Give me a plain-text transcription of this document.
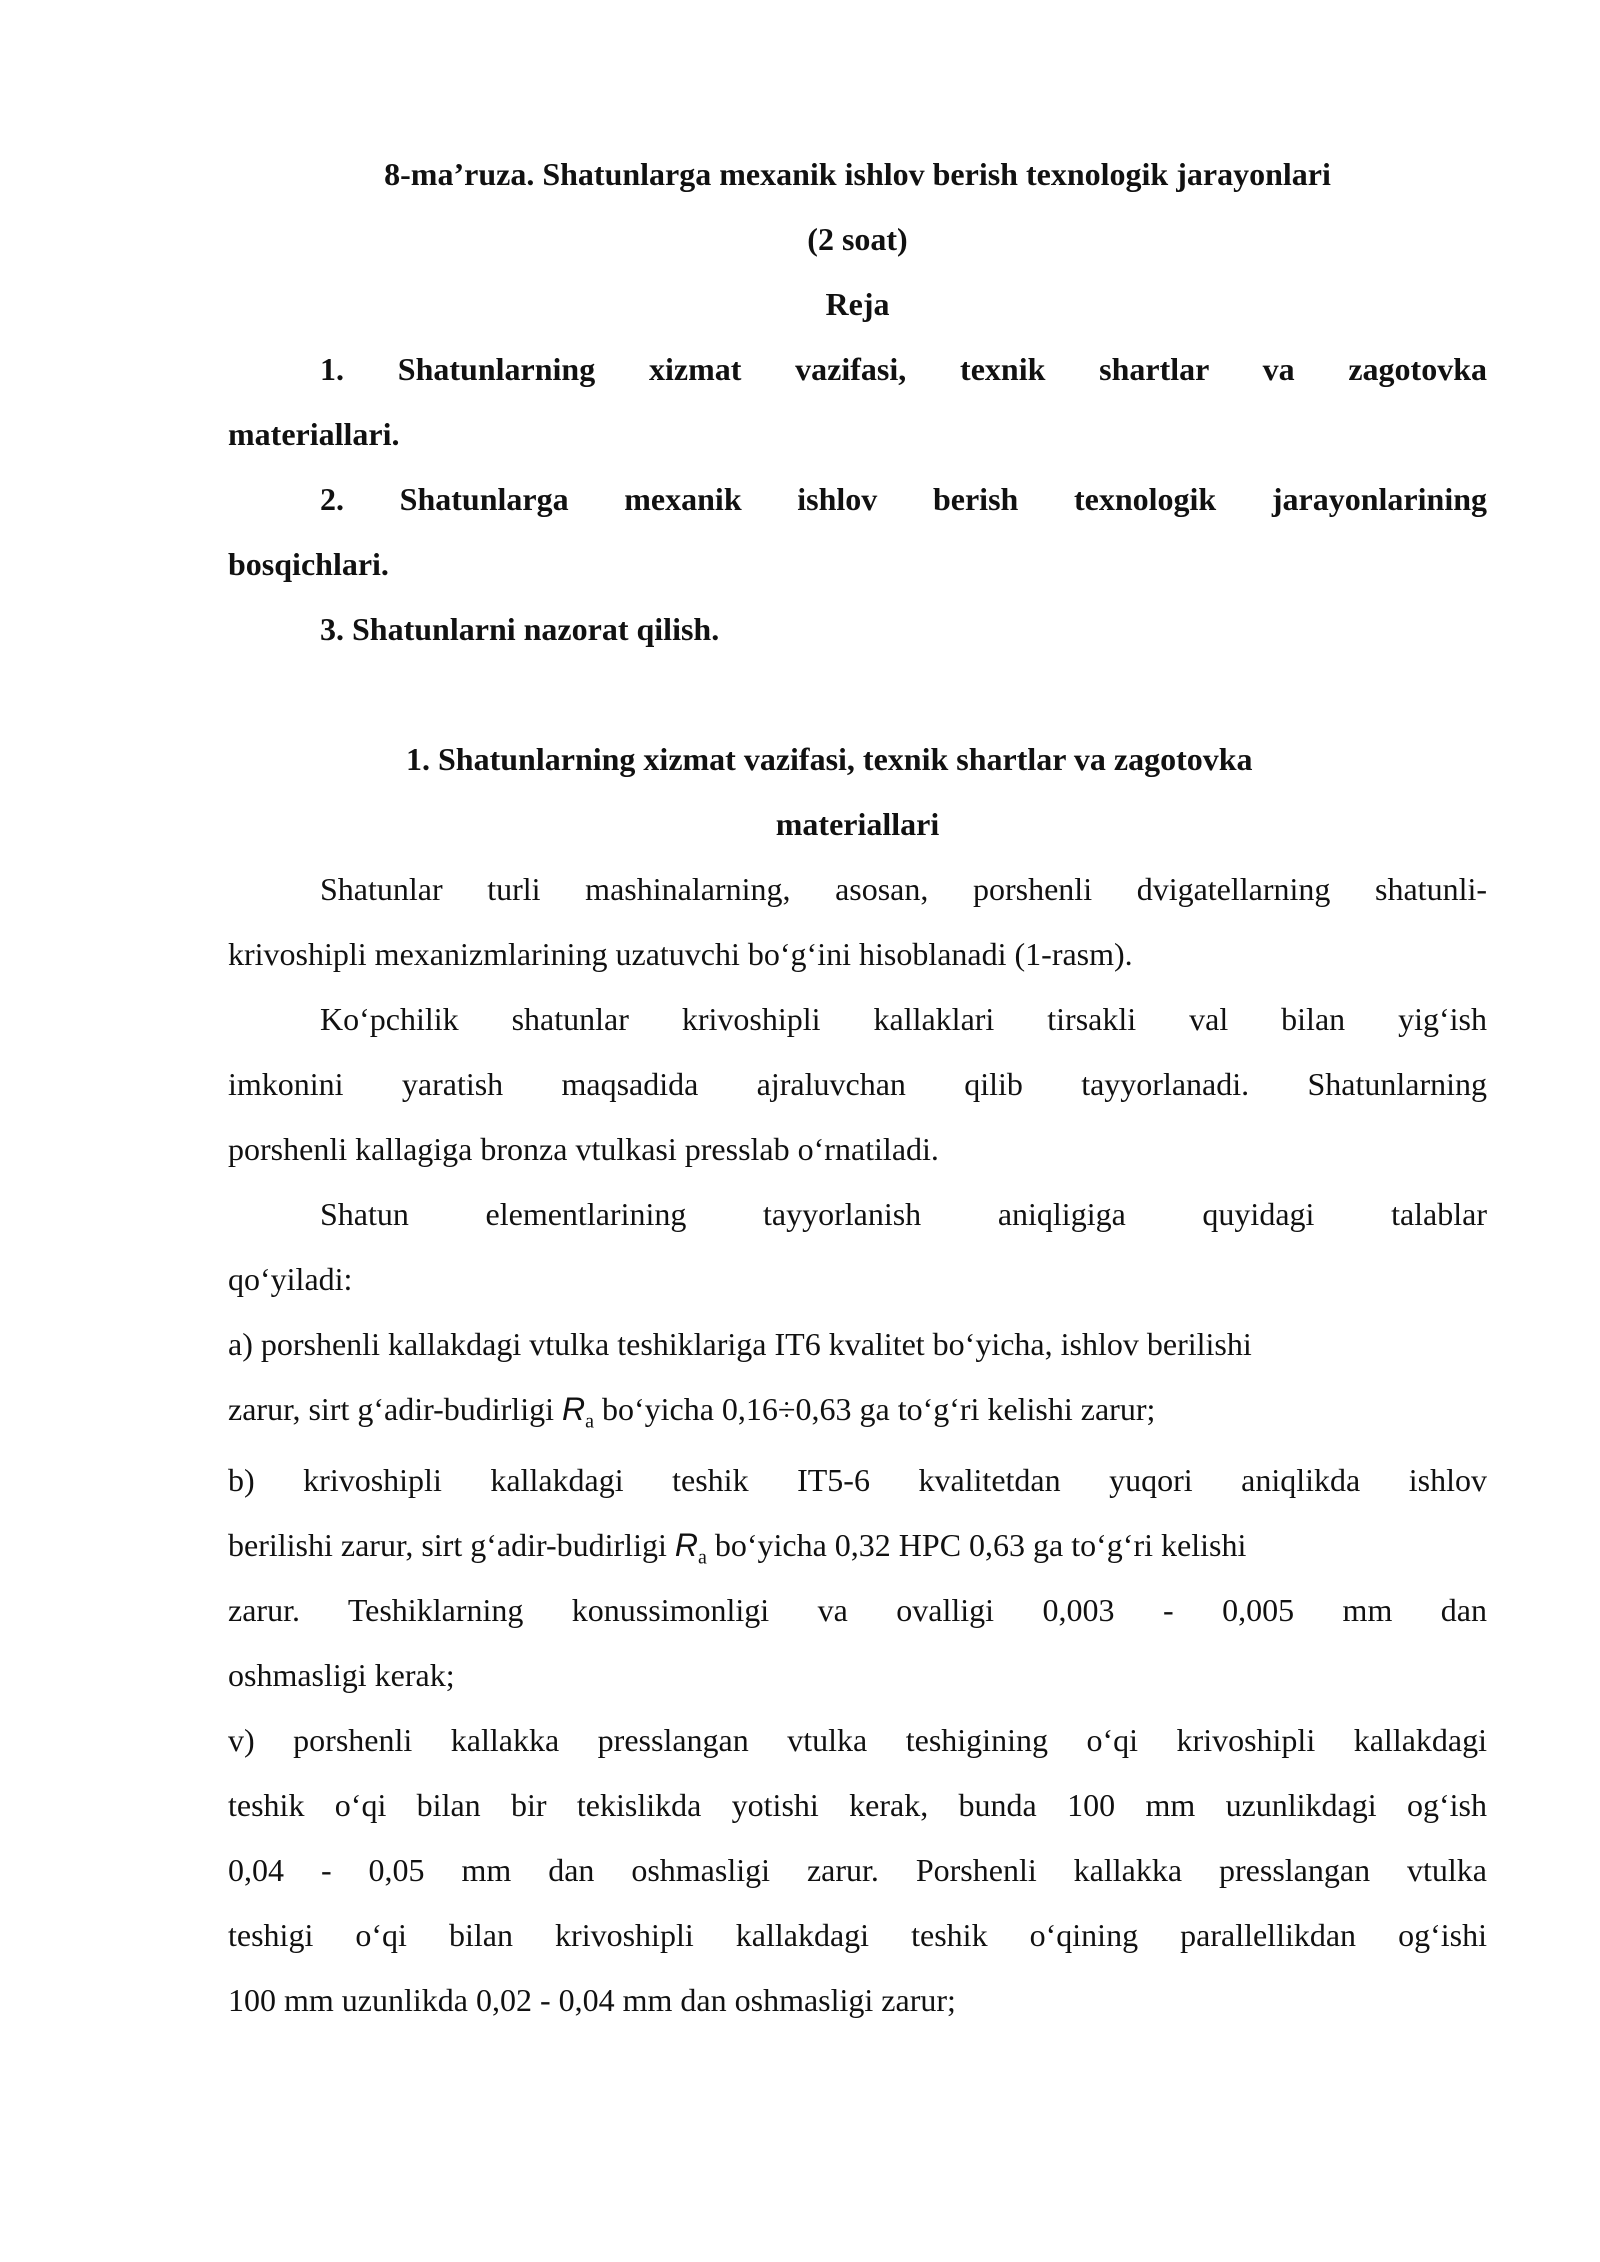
8-ma’ruza. Shatunlarga mexanik ishlov berish texnologik jarayonlari
(2 soat)
Reja
1. Shatunlarning xizmat vazifasi, texnik shartlar va zagotovka
materiallari.
2. Shatunlarga mexanik ishlov berish texnologik jarayonlarining
bosqichlari.
3. Shatunlarni nazorat qilish.
1. Shatunlarning xizmat vazifasi, texnik shartlar va zagotovka
materiallari
Shatunlar turli mashinalarning, asosan, porshenli dvigatellarning shatunli-
krivoshipli mexanizmlarining uzatuvchi bo‘g‘ini hisoblanadi (1-rasm).
Ko‘pchilik shatunlar krivoshipli kallaklari tirsakli val bilan yig‘ish
imkonini yaratish maqsadida ajraluvchan qilib tayyorlanadi. Shatunlarning
porshenli kallagiga bronza vtulkasi presslab o‘rnatiladi.
Shatun elementlarining tayyorlanish aniqligiga quyidagi talablar
qo‘yiladi:
a) porshenli kallakdagi vtulka teshiklariga IT6 kvalitet bo‘yicha, ishlov berilishi
zarur, sirt g‘adir-budirligi $R_a$ bo‘yicha 0,16÷0,63 ga to‘g‘ri kelishi zarur;
b) krivoshipli kallakdagi teshik IT5-6 kvalitetdan yuqori aniqlikda ishlov
berilishi zarur, sirt g‘adir-budirligi $R_a$ bo‘yicha 0,32 HPC 0,63 ga to‘g‘ri kelishi
zarur. Teshiklarning konussimonligi va ovalligi 0,003 - 0,005 mm dan
oshmasligi kerak;
v) porshenli kallakka presslangan vtulka teshigining o‘qi krivoshipli kallakdagi
teshik o‘qi bilan bir tekislikda yotishi kerak, bunda 100 mm uzunlikdagi og‘ish
0,04 - 0,05 mm dan oshmasligi zarur. Porshenli kallakka presslangan vtulka
teshigi o‘qi bilan krivoshipli kallakdagi teshik o‘qining parallellikdan og‘ishi
100 mm uzunlikda 0,02 - 0,04 mm dan oshmasligi zarur;
